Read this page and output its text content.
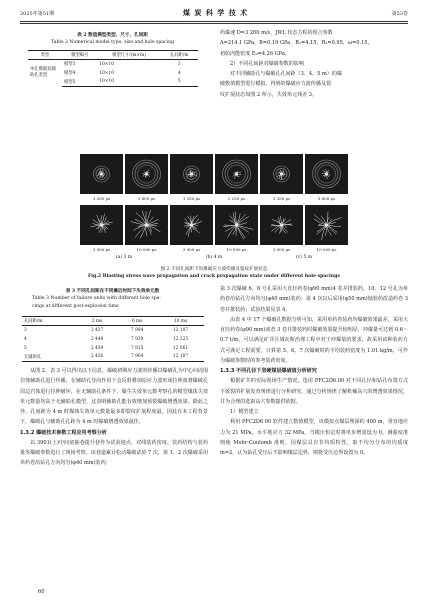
2025年第51期	煤 炭 科 学 技 术	第53卷
表 2 数值模型类型、尺寸、孔间距
Table 2 Numerical model type, size and hole spacing
类型	模型编号	模型尺寸/(m×m)	孔间距/m
单孔爆破双辅助孔类型	模型3	10×10	3
	模型4	10×10	4
	模型5	10×10	5
药爆速 D=3 200 m/s，JWL 状态方程的组合参数
A=214.1 GPa，B=0.19 GPa，R₁=4.15，R₂=0.95，ω=0.15，
初始内能密度 E₀=4.26 GPa。
2）不同孔间距对爆破参数的影响
对不同辅助孔与爆破孔孔间距（3、4、5 m）的爆
破数值模型进行模拟，得到的爆破应力波传播及裂
纹扩展状态如图 2 所示，失效单元残差 3。
1 350 μs	1 800 μs	1 350 μs	2 250 μs	1 350 μs	3 600 μs
3 900 μs	10 000 μs	3 900 μs	10 000 μs	3 900 μs	10 000 μs
(a) 3 m	(b) 4 m	(c) 5 m
图 2 不同孔间距下的爆破应力波传播及裂纹扩展状态
Fig.2 Blasting stress wave propagation and crack propagation state under different hole spacings
表 3 不同孔间距在不同爆后时间下失效单元数
Table 3 Number of failure units with different hole spa-
cings at different post-explosion time
孔间距/m	2 ms	6 ms	10 ms
3	2 437	7 904	12 107
4	2 448	7 929	12 225
5	2 439	7 815	12 061
无辅助孔	2 436	7 904	12 107

从图 2、表 3 可以得出以下信息，爆破初期应力波的传播以爆破孔为中心向周围岩体辅助孔进行传播，在辅助孔导向作用下会反射叠加原应力波形成拉伸波将爆破孔周边岩体进行拉伸破坏，在无辅助孔条件下，爆生失效单元数考察孔的模型煤体失效单元数量均高于无辅助孔模型，这表明辅助孔能有效增加预裂爆破增透效果。除此之外，孔间距为 4 m 时煤体失效单元数量最多即裂纹扩展程度最。因此在本工程背景下，爆破孔与辅助孔孔距为 4 m 时爆破增透效果最佳。

1.3.2 爆破技术参数工程应用考察分析

以 3901(上)中间底抽巷提升巷作为试验地点，对线装药密度、装药结构与装药量等爆破参数进行了现场考察，该巷道累计松动爆破试验 7 次，第 1、2 次爆破采用单药卷沿钻孔方向均匀(φ40 mm)装药；

第 3 次爆破 6、8 号孔采用大直径药卷(φ90 mm)4 卷并排装药，10、12 号孔为单药卷沿钻孔方向均匀(φ40 mm)装药；第 4 次以后采用(φ50 mm)轴装药改造药卷 3 卷并排装药；试验结果见表 4。

由表 4 中 17 个爆破孔数据分析可知，采用单药卷装药均爆破效果最差，采用大直径药卷(φ90 mm)或者 3 卷并排装药时爆破效果提升较明显，冲爆量可达到 0.6～0.7 t/m，可以满足矿井区域瓦斯治理工程中对于冲爆量的要求，故采用该种装药方式可满足工程需要，计算第 5、6、7 次爆破时的平均装药密度为 1.01 kg/m，可作为爆破参数时的参考装药密度。

1.3.3 不同孔径下坚硬煤层爆破值分析研究

根据矿井的实际现场生产情况，选用 PFC2D6.00 对不同孔径和钻孔布置方式下致裂的扩展发育规律进行分析研究，通过分析规律了解机械高穴的增透效果情况，并为合理的选取高穴参数提供依据。

1）模型建立

利用 PFC2D6.00 软件建立数值模型，该模拟点煤层埋深约 400 m，垂直地应力为 21 MPa，水平地应力 32 MPa，当模压恒定时将单步增量设为 0。测强度准则使 Mohr-Coulomb 准则，因煤层具有非均质特性，取不均匀分布的均质度 m=2，认为钻孔受压后不影响煤层边界，则将受压边界设置为 0。

60
